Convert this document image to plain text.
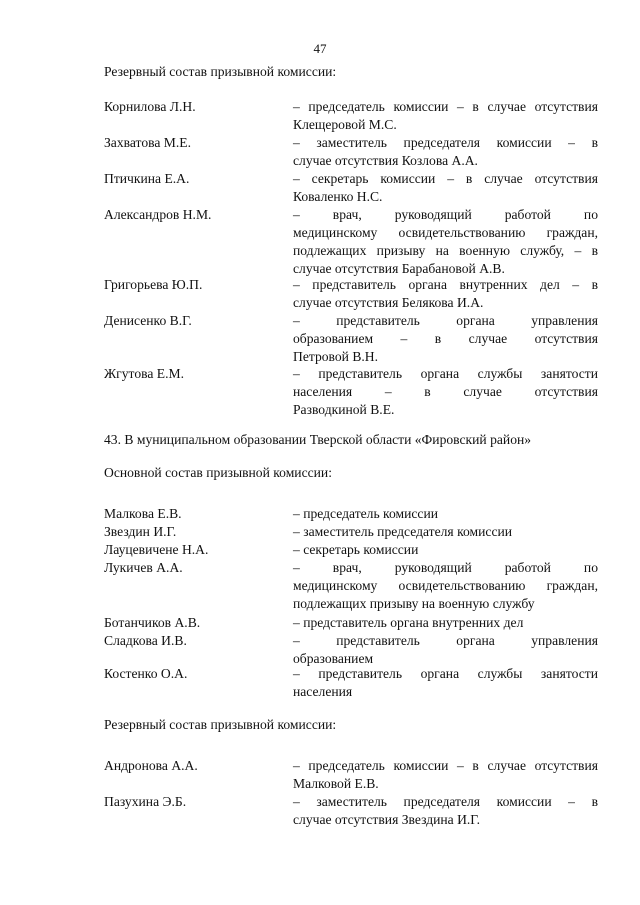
47
Резервный состав призывной комиссии:
Корнилова Л.Н.	– председатель комиссии – в случае отсутствия
Клещеровой М.С.
Захватова М.Е.	– заместитель председателя комиссии – в
случае отсутствия Козлова А.А.
Птичкина Е.А.	– секретарь комиссии – в случае отсутствия
Коваленко Н.С.
Александров Н.М.	– врач, руководящий работой по
медицинскому освидетельствованию граждан,
подлежащих призыву на военную службу, – в
случае отсутствия Барабановой А.В.
Григорьева Ю.П.	– представитель органа внутренних дел – в
случае отсутствия Белякова И.А.
Денисенко В.Г.	– представитель органа управления
образованием – в случае отсутствия
Петровой В.Н.
Жгутова Е.М.	– представитель органа службы занятости
населения – в случае отсутствия
Разводкиной В.Е.
43. В муниципальном образовании Тверской области «Фировский район»
Основной состав призывной комиссии:
Малкова Е.В.	– председатель комиссии
Звездин И.Г.	– заместитель председателя комиссии
Лауцевичене Н.А.	– секретарь комиссии
Лукичев А.А.	– врач, руководящий работой по
медицинскому освидетельствованию граждан,
подлежащих призыву на военную службу
Ботанчиков А.В.	– представитель органа внутренних дел
Сладкова И.В.	– представитель органа управления
образованием
Костенко О.А.	– представитель органа службы занятости
населения
Резервный состав призывной комиссии:
Андронова А.А.	– председатель комиссии – в случае отсутствия
Малковой Е.В.
Пазухина Э.Б.	– заместитель председателя комиссии – в
случае отсутствия Звездина И.Г.
